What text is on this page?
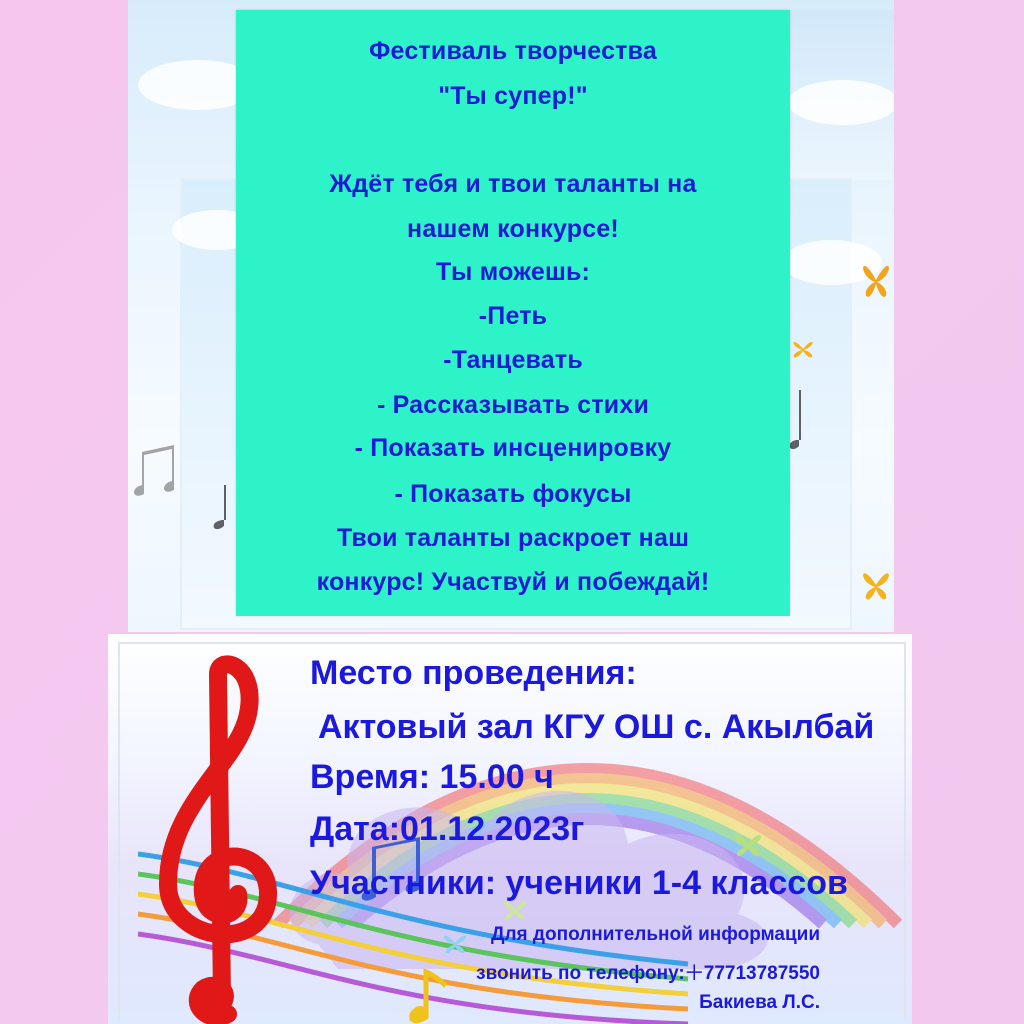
Фестиваль творчества

"Ты супер!"

Ждёт тебя и твои таланты на

нашем конкурсе!

Ты можешь:

-Петь

-Танцевать

- Рассказывать стихи

- Показать инсценировку

- Показать фокусы

Твои таланты раскроет наш

конкурс! Участвуй и побеждай!

Место проведения:
Актовый зал КГУ ОШ с. Акылбай
Время: 15.00 ч
Дата:01.12.2023г
Участники: ученики 1-4 классов
Для дополнительной информации
звонить по телефону:＋77713787550
Бакиева Л.С.
